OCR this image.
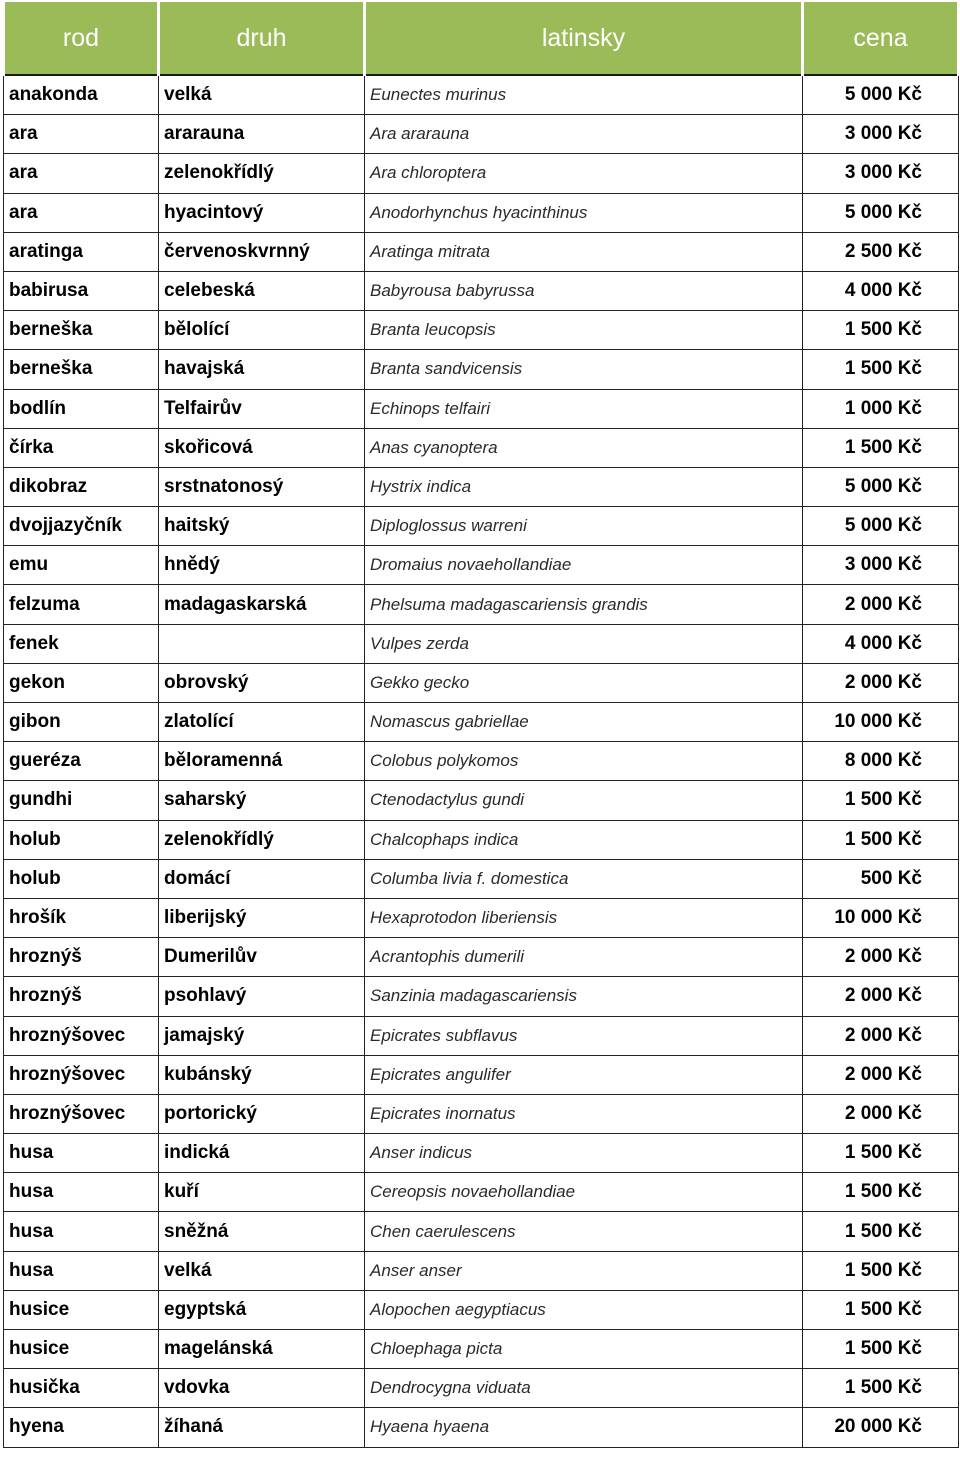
rod	druh	latinsky	cena
anakonda	velká	Eunectes murinus	5 000 Kč
ara	ararauna	Ara ararauna	3 000 Kč
ara	zelenokřídlý	Ara chloroptera	3 000 Kč
ara	hyacintový	Anodorhynchus hyacinthinus	5 000 Kč
aratinga	červenoskvrnný	Aratinga mitrata	2 500 Kč
babirusa	celebeská	Babyrousa babyrussa	4 000 Kč
berneška	bělolící	Branta leucopsis	1 500 Kč
berneška	havajská	Branta sandvicensis	1 500 Kč
bodlín	Telfairův	Echinops telfairi	1 000 Kč
čírka	skořicová	Anas cyanoptera	1 500 Kč
dikobraz	srstnatonosý	Hystrix indica	5 000 Kč
dvojjazyčník	haitský	Diploglossus warreni	5 000 Kč
emu	hnědý	Dromaius novaehollandiae	3 000 Kč
felzuma	madagaskarská	Phelsuma madagascariensis grandis	2 000 Kč
fenek		Vulpes zerda	4 000 Kč
gekon	obrovský	Gekko gecko	2 000 Kč
gibon	zlatolící	Nomascus gabriellae	10 000 Kč
gueréza	běloramenná	Colobus polykomos	8 000 Kč
gundhi	saharský	Ctenodactylus gundi	1 500 Kč
holub	zelenokřídlý	Chalcophaps indica	1 500 Kč
holub	domácí	Columba livia f. domestica	500 Kč
hrošík	liberijský	Hexaprotodon liberiensis	10 000 Kč
hroznýš	Dumerilův	Acrantophis dumerili	2 000 Kč
hroznýš	psohlavý	Sanzinia madagascariensis	2 000 Kč
hroznýšovec	jamajský	Epicrates subflavus	2 000 Kč
hroznýšovec	kubánský	Epicrates angulifer	2 000 Kč
hroznýšovec	portorický	Epicrates inornatus	2 000 Kč
husa	indická	Anser indicus	1 500 Kč
husa	kuří	Cereopsis novaehollandiae	1 500 Kč
husa	sněžná	Chen caerulescens	1 500 Kč
husa	velká	Anser anser	1 500 Kč
husice	egyptská	Alopochen aegyptiacus	1 500 Kč
husice	magelánská	Chloephaga picta	1 500 Kč
husička	vdovka	Dendrocygna viduata	1 500 Kč
hyena	žíhaná	Hyaena hyaena	20 000 Kč
